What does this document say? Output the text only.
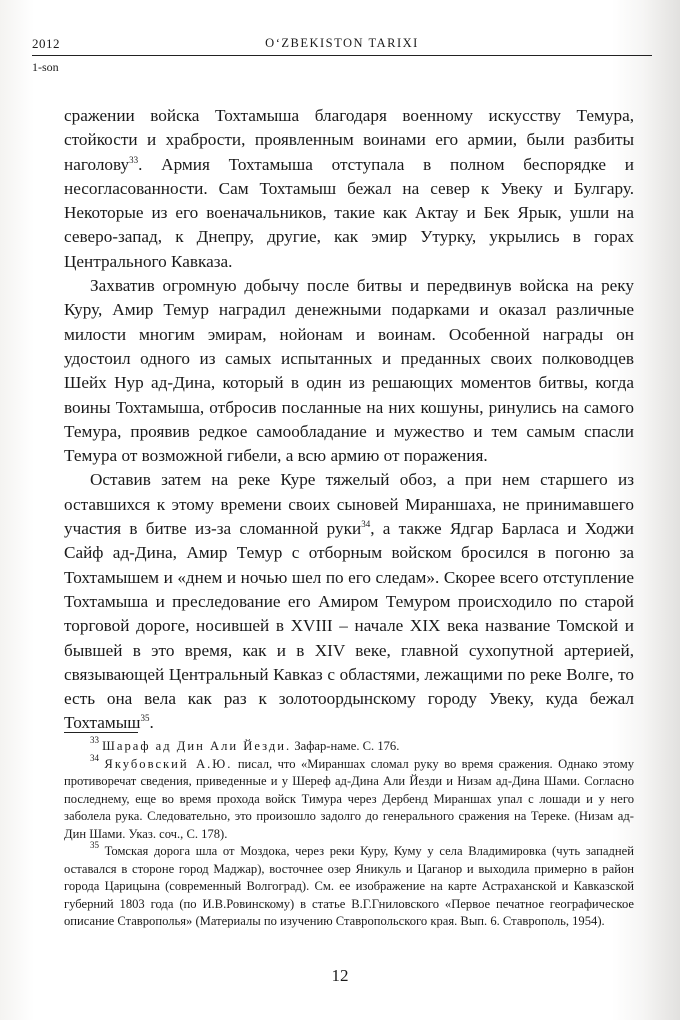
2012	O‘ZBEKISTON TARIXI
1-son

сражении войска Тохтамыша благодаря военному искусству Темура, стойкости и храбрости, проявленным воинами его армии, были разбиты наголову$^{33}$. Армия Тохтамыша отступала в полном беспорядке и несогласованности. Сам Тохтамыш бежал на север к Увеку и Булгару. Некоторые из его военачальников, такие как Актау и Бек Ярык, ушли на северо-запад, к Днепру, другие, как эмир Утурку, укрылись в горах Центрального Кавказа.

Захватив огромную добычу после битвы и передвинув войска на реку Куру, Амир Темур наградил денежными подарками и оказал различные милости многим эмирам, нойонам и воинам. Особенной награды он удостоил одного из самых испытанных и преданных своих полководцев Шейх Нур ад-Дина, который в один из решающих моментов битвы, когда воины Тохтамыша, отбросив посланные на них кошуны, ринулись на самого Темура, проявив редкое самообладание и мужество и тем самым спасли Темура от возможной гибели, а всю армию от поражения.

Оставив затем на реке Куре тяжелый обоз, а при нем старшего из оставшихся к этому времени своих сыновей Мираншаха, не принимавшего участия в битве из-за сломанной руки$^{34}$, а также Ядгар Барласа и Ходжи Сайф ад-Дина, Амир Темур с отборным войском бросился в погоню за Тохтамышем и «днем и ночью шел по его следам». Скорее всего отступление Тохтамыша и преследование его Амиром Темуром происходило по старой торговой дороге, носившей в XVIII – начале XIX века название Томской и бывшей в это время, как и в XIV веке, главной сухопутной артерией, связывающей Центральный Кавказ с областями, лежащими по реке Волге, то есть она вела как раз к золотоордынскому городу Увеку, куда бежал Тохтамыш$^{35}$.

$^{33}$ Шараф ад Дин Али Йезди. Зафар-наме. С. 176.

$^{34}$ Якубовский А.Ю. писал, что «Мираншах сломал руку во время сражения. Однако этому противоречат сведения, приведенные и у Шереф ад-Дина Али Йезди и Низам ад-Дина Шами. Согласно последнему, еще во время прохода войск Тимура через Дербенд Мираншах упал с лошади и у него заболела рука. Следовательно, это произошло задолго до генерального сражения на Тереке. (Низам ад-Дин Шами. Указ. соч., С. 178).

$^{35}$ Томская дорога шла от Моздока, через реки Куру, Куму у села Владимировка (чуть западней оставался в стороне город Маджар), восточнее озер Яникуль и Цаганор и выходила примерно в район города Царицына (современный Волгоград). См. ее изображение на карте Астраханской и Кавказской губерний 1803 года (по И.В.Ровинскому) в статье В.Г.Гниловского «Первое печатное географическое описание Ставрополья» (Материалы по изучению Ставропольского края. Вып. 6. Ставрополь, 1954).

12
